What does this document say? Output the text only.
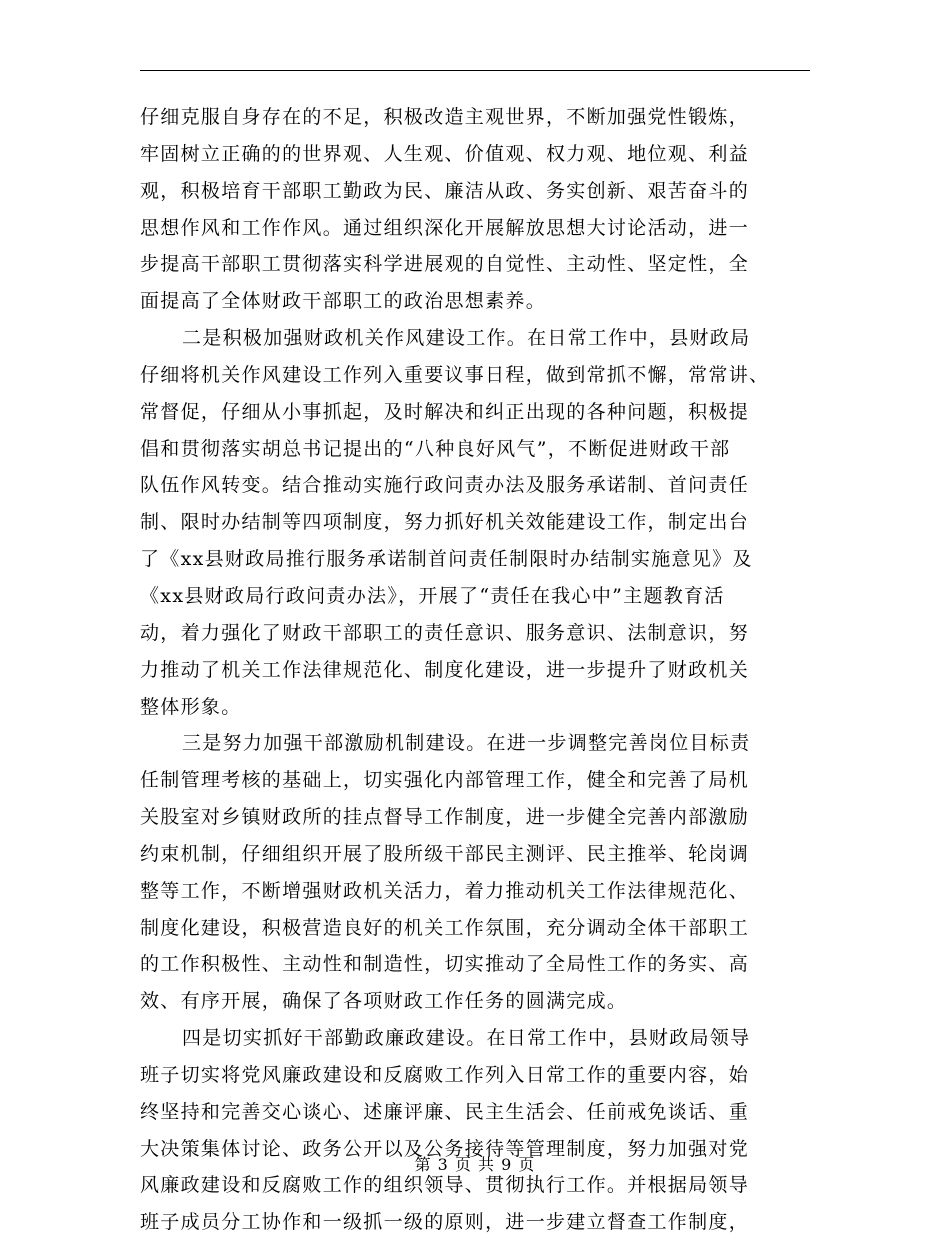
仔细克服自身存在的不足，积极改造主观世界，不断加强党性锻炼，
牢固树立正确的的世界观、人生观、价值观、权力观、地位观、利益
观，积极培育干部职工勤政为民、廉洁从政、务实创新、艰苦奋斗的
思想作风和工作作风。通过组织深化开展解放思想大讨论活动，进一
步提高干部职工贯彻落实科学进展观的自觉性、主动性、坚定性，全
面提高了全体财政干部职工的政治思想素养。
二是积极加强财政机关作风建设工作。在日常工作中，县财政局
仔细将机关作风建设工作列入重要议事日程，做到常抓不懈，常常讲、
常督促，仔细从小事抓起，及时解决和纠正出现的各种问题，积极提
倡和贯彻落实胡总书记提出的“八种良好风气”，不断促进财政干部
队伍作风转变。结合推动实施行政问责办法及服务承诺制、首问责任
制、限时办结制等四项制度，努力抓好机关效能建设工作，制定出台
了《xx县财政局推行服务承诺制首问责任制限时办结制实施意见》及
《xx县财政局行政问责办法》，开展了“责任在我心中”主题教育活
动，着力强化了财政干部职工的责任意识、服务意识、法制意识，努
力推动了机关工作法律规范化、制度化建设，进一步提升了财政机关
整体形象。
三是努力加强干部激励机制建设。在进一步调整完善岗位目标责
任制管理考核的基础上，切实强化内部管理工作，健全和完善了局机
关股室对乡镇财政所的挂点督导工作制度，进一步健全完善内部激励
约束机制，仔细组织开展了股所级干部民主测评、民主推举、轮岗调
整等工作，不断增强财政机关活力，着力推动机关工作法律规范化、
制度化建设，积极营造良好的机关工作氛围，充分调动全体干部职工
的工作积极性、主动性和制造性，切实推动了全局性工作的务实、高
效、有序开展，确保了各项财政工作任务的圆满完成。
四是切实抓好干部勤政廉政建设。在日常工作中，县财政局领导
班子切实将党风廉政建设和反腐败工作列入日常工作的重要内容，始
终坚持和完善交心谈心、述廉评廉、民主生活会、任前戒免谈话、重
大决策集体讨论、政务公开以及公务接待等管理制度，努力加强对党
风廉政建设和反腐败工作的组织领导、贯彻执行工作。并根据局领导
班子成员分工协作和一级抓一级的原则，进一步建立督查工作制度，
第 3 页 共 9 页
